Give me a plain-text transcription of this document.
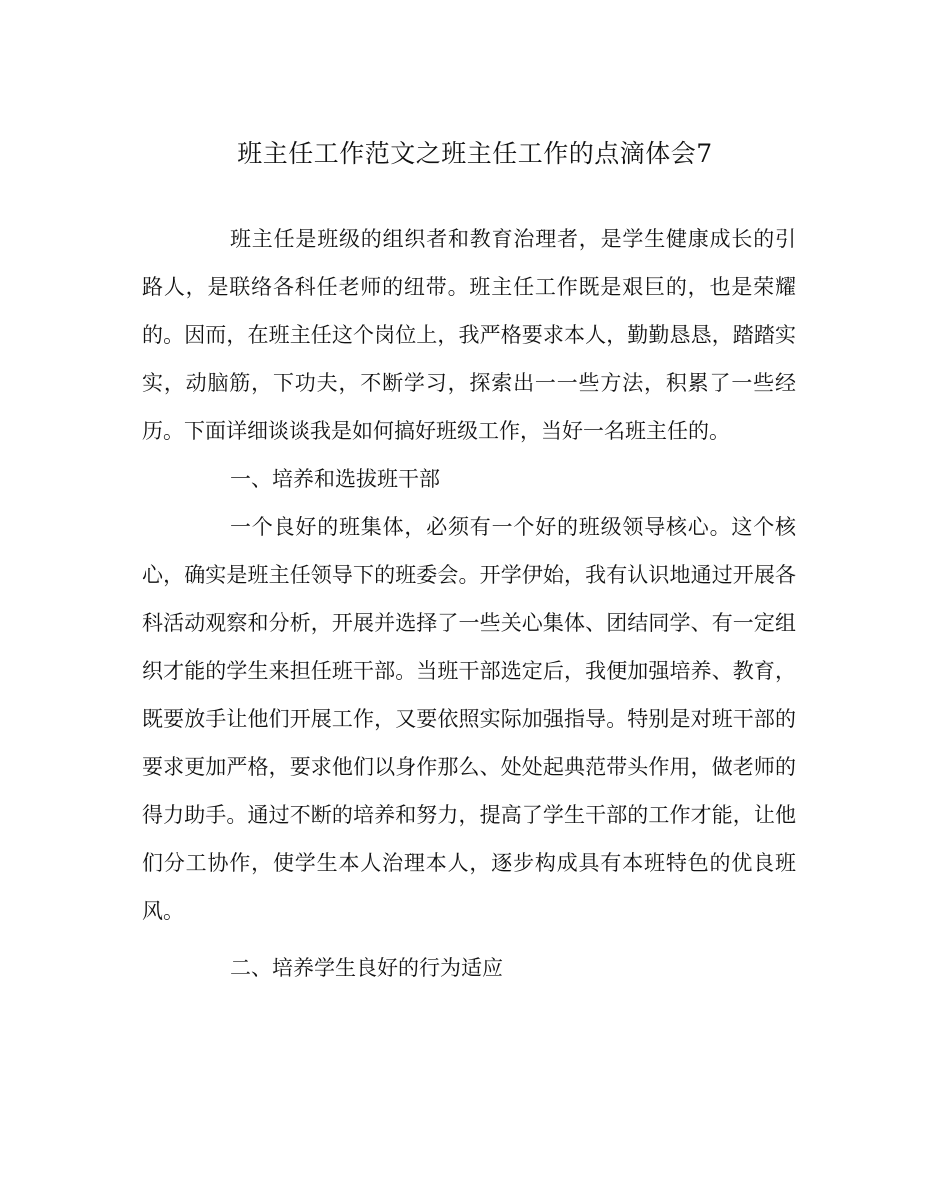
班主任工作范文之班主任工作的点滴体会7

班主任是班级的组织者和教育治理者，是学生健康成长的引路人，是联络各科任老师的纽带。班主任工作既是艰巨的，也是荣耀的。因而，在班主任这个岗位上，我严格要求本人，勤勤恳恳，踏踏实实，动脑筋，下功夫，不断学习，探索出一一些方法，积累了一些经历。下面详细谈谈我是如何搞好班级工作，当好一名班主任的。

一、培养和选拔班干部

一个良好的班集体，必须有一个好的班级领导核心。这个核心，确实是班主任领导下的班委会。开学伊始，我有认识地通过开展各科活动观察和分析，开展并选择了一些关心集体、团结同学、有一定组织才能的学生来担任班干部。当班干部选定后，我便加强培养、教育，既要放手让他们开展工作，又要依照实际加强指导。特别是对班干部的要求更加严格，要求他们以身作那么、处处起典范带头作用，做老师的得力助手。通过不断的培养和努力，提高了学生干部的工作才能，让他们分工协作，使学生本人治理本人，逐步构成具有本班特色的优良班风。

二、培养学生良好的行为适应
